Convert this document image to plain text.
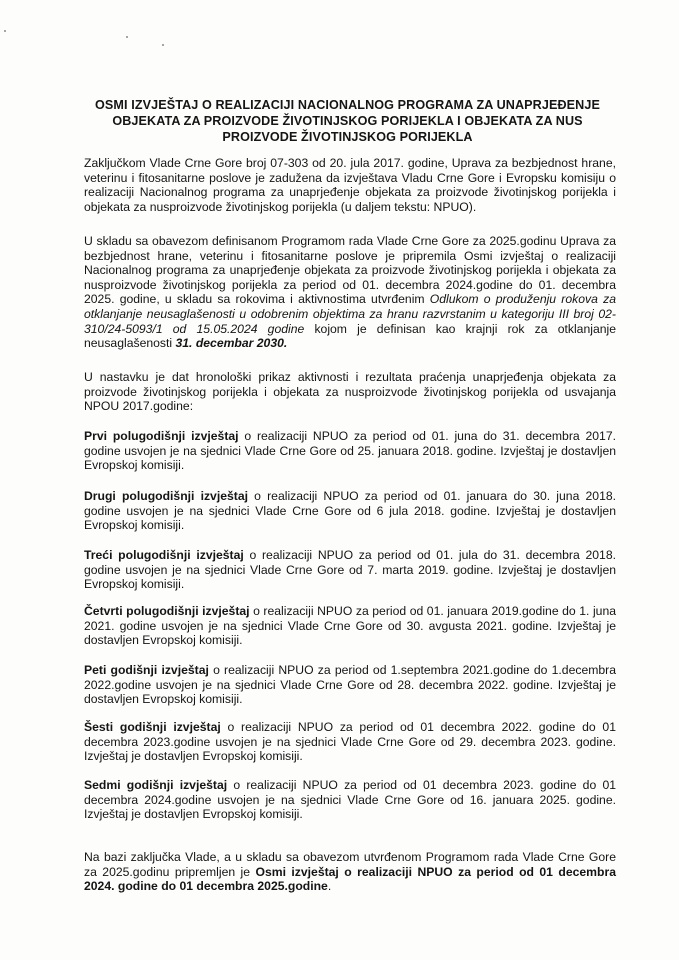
OSMI IZVJEŠTAJ O REALIZACIJI NACIONALNOG PROGRAMA ZA UNAPRJEĐENJE
OBJEKATA ZA PROIZVODE ŽIVOTINJSKOG PORIJEKLA I OBJEKATA ZA NUS
PROIZVODE ŽIVOTINJSKOG PORIJEKLA

Zaključkom Vlade Crne Gore broj 07-303 od 20. jula 2017. godine, Uprava za bezbjednost hrane, veterinu i fitosanitarne poslove je zadužena da izvještava Vladu Crne Gore i Evropsku komisiju o realizaciji Nacionalnog programa za unaprjeđenje objekata za proizvode životinjskog porijekla i objekata za nusproizvode životinjskog porijekla (u daljem tekstu: NPUO).

U skladu sa obavezom definisanom Programom rada Vlade Crne Gore za 2025.godinu Uprava za bezbjednost hrane, veterinu i fitosanitarne poslove je pripremila Osmi izvještaj o realizaciji Nacionalnog programa za unaprjeđenje objekata za proizvode životinjskog porijekla i objekata za nusproizvode životinjskog porijekla za period od 01. decembra 2024.godine do 01. decembra 2025. godine, u skladu sa rokovima i aktivnostima utvrđenim Odlukom o produženju rokova za otklanjanje neusaglašenosti u odobrenim objektima za hranu razvrstanim u kategoriju III broj 02-310/24-5093/1 od 15.05.2024 godine kojom je definisan kao krajnji rok za otklanjanje neusaglašenosti 31. decembar 2030.

U nastavku je dat hronološki prikaz aktivnosti i rezultata praćenja unaprjeđenja objekata za proizvode životinjskog porijekla i objekata za nusproizvode životinjskog porijekla od usvajanja NPOU 2017.godine:

Prvi polugodišnji izvještaj o realizaciji NPUO za period od 01. juna do 31. decembra 2017. godine usvojen je na sjednici Vlade Crne Gore od 25. januara 2018. godine. Izvještaj je dostavljen Evropskoj komisiji.

Drugi polugodišnji izvještaj o realizaciji NPUO za period od 01. januara do 30. juna 2018. godine usvojen je na sjednici Vlade Crne Gore od 6 jula 2018. godine. Izvještaj je dostavljen Evropskoj komisiji.

Treći polugodišnji izvještaj o realizaciji NPUO za period od 01. jula do 31. decembra 2018. godine usvojen je na sjednici Vlade Crne Gore od 7. marta 2019. godine. Izvještaj je dostavljen Evropskoj komisiji.

Četvrti polugodišnji izvještaj o realizaciji NPUO za period od 01. januara 2019.godine do 1. juna 2021. godine usvojen je na sjednici Vlade Crne Gore od 30. avgusta 2021. godine. Izvještaj je dostavljen Evropskoj komisiji.

Peti godišnji izvještaj o realizaciji NPUO za period od 1.septembra 2021.godine do 1.decembra 2022.godine usvojen je na sjednici Vlade Crne Gore od 28. decembra 2022. godine. Izvještaj je dostavljen Evropskoj komisiji.

Šesti godišnji izvještaj o realizaciji NPUO za period od 01 decembra 2022. godine do 01 decembra 2023.godine usvojen je na sjednici Vlade Crne Gore od 29. decembra 2023. godine. Izvještaj je dostavljen Evropskoj komisiji.

Sedmi godišnji izvještaj o realizaciji NPUO za period od 01 decembra 2023. godine do 01 decembra 2024.godine usvojen je na sjednici Vlade Crne Gore od 16. januara 2025. godine. Izvještaj je dostavljen Evropskoj komisiji.

Na bazi zaključka Vlade, a u skladu sa obavezom utvrđenom Programom rada Vlade Crne Gore za 2025.godinu pripremljen je Osmi izvještaj o realizaciji NPUO za period od 01 decembra 2024. godine do 01 decembra 2025.godine.
